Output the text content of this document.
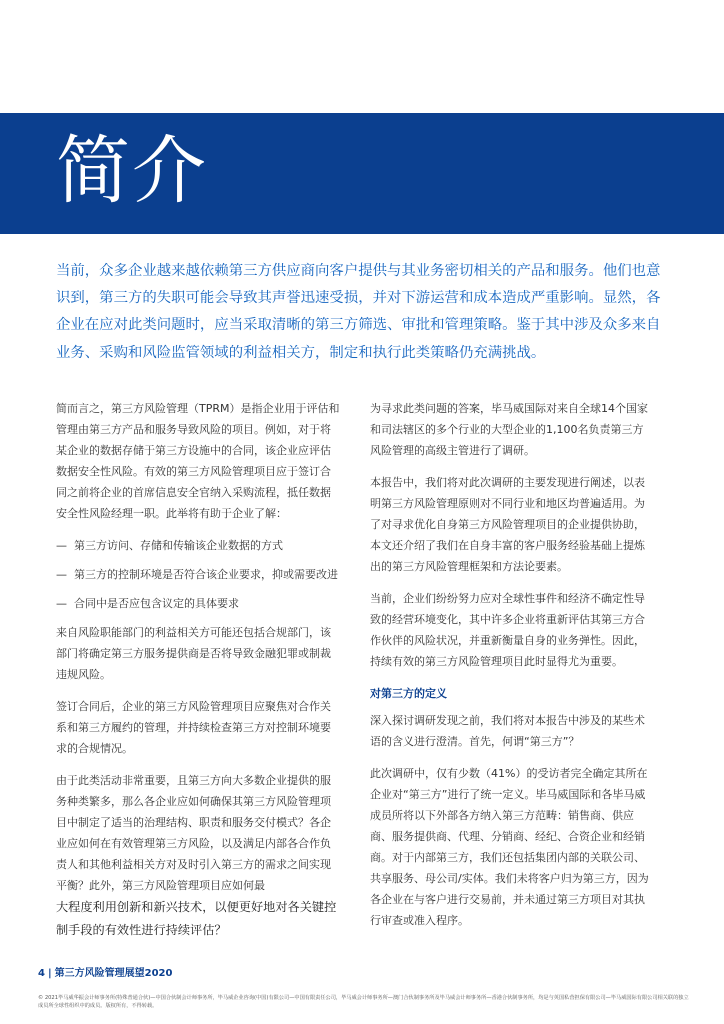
简介

当前，众多企业越来越依赖第三方供应商向客户提供与其业务密切相关的产品和服务。他们也意识到，第三方的失职可能会导致其声誉迅速受损，并对下游运营和成本造成严重影响。显然，各企业在应对此类问题时，应当采取清晰的第三方筛选、审批和管理策略。鉴于其中涉及众多来自业务、采购和风险监管领域的利益相关方，制定和执行此类策略仍充满挑战。

简而言之，第三方风险管理（TPRM）是指企业用于评估和管理由第三方产品和服务导致风险的项目。例如，对于将某企业的数据存储于第三方设施中的合同，该企业应评估数据安全性风险。有效的第三方风险管理项目应于签订合同之前将企业的首席信息安全官纳入采购流程，抵任数据安全性风险经理一职。此举将有助于企业了解：

— 第三方访问、存储和传输该企业数据的方式
— 第三方的控制环境是否符合该企业要求，抑或需要改进
— 合同中是否应包含议定的具体要求

来自风险职能部门的利益相关方可能还包括合规部门，该部门将确定第三方服务提供商是否将导致金融犯罪或制裁违规风险。

签订合同后，企业的第三方风险管理项目应聚焦对合作关系和第三方履约的管理，并持续检查第三方对控制环境要求的合规情况。

由于此类活动非常重要，且第三方向大多数企业提供的服务种类繁多，那么各企业应如何确保其第三方风险管理项目中制定了适当的治理结构、职责和服务交付模式？各企业应如何在有效管理第三方风险，以及满足内部各合作负责人和其他利益相关方对及时引入第三方的需求之间实现平衡？此外，第三方风险管理项目应如何最

大程度利用创新和新兴技术，以便更好地对各关键控制手段的有效性进行持续评估？

为寻求此类问题的答案，毕马威国际对来自全球14个国家和司法辖区的多个行业的大型企业的1,100名负责第三方风险管理的高级主管进行了调研。

本报告中，我们将对此次调研的主要发现进行阐述，以表明第三方风险管理原则对不同行业和地区均普遍适用。为了对寻求优化自身第三方风险管理项目的企业提供协助，本文还介绍了我们在自身丰富的客户服务经验基础上提炼出的第三方风险管理框架和方法论要素。

当前，企业们纷纷努力应对全球性事件和经济不确定性导致的经营环境变化，其中许多企业将重新评估其第三方合作伙伴的风险状况，并重新衡量自身的业务弹性。因此，持续有效的第三方风险管理项目此时显得尤为重要。

对第三方的定义

深入探讨调研发现之前，我们将对本报告中涉及的某些术语的含义进行澄清。首先，何谓“第三方”？

此次调研中，仅有少数（41%）的受访者完全确定其所在企业对“第三方”进行了统一定义。毕马威国际和各毕马威成员所将以下外部各方纳入第三方范畴：销售商、供应商、服务提供商、代理、分销商、经纪、合资企业和经销商。对于内部第三方，我们还包括集团内部的关联公司、共享服务、母公司/实体。我们未将客户归为第三方，因为各企业在与客户进行交易前，并未通过第三方项目对其执行审查或准入程序。

4 | 第三方风险管理展望2020

© 2021毕马威华振会计师事务所(特殊普通合伙)—中国合伙制会计师事务所，毕马威企业咨询(中国)有限公司—中国有限责任公司，毕马威会计师事务所—澳门合伙制事务所及毕马威会计师事务所—香港合伙制事务所，均是与英国私营担保有限公司—毕马威国际有限公司相关联的独立成员所全球性组织中的成员。版权所有，不得转载。
